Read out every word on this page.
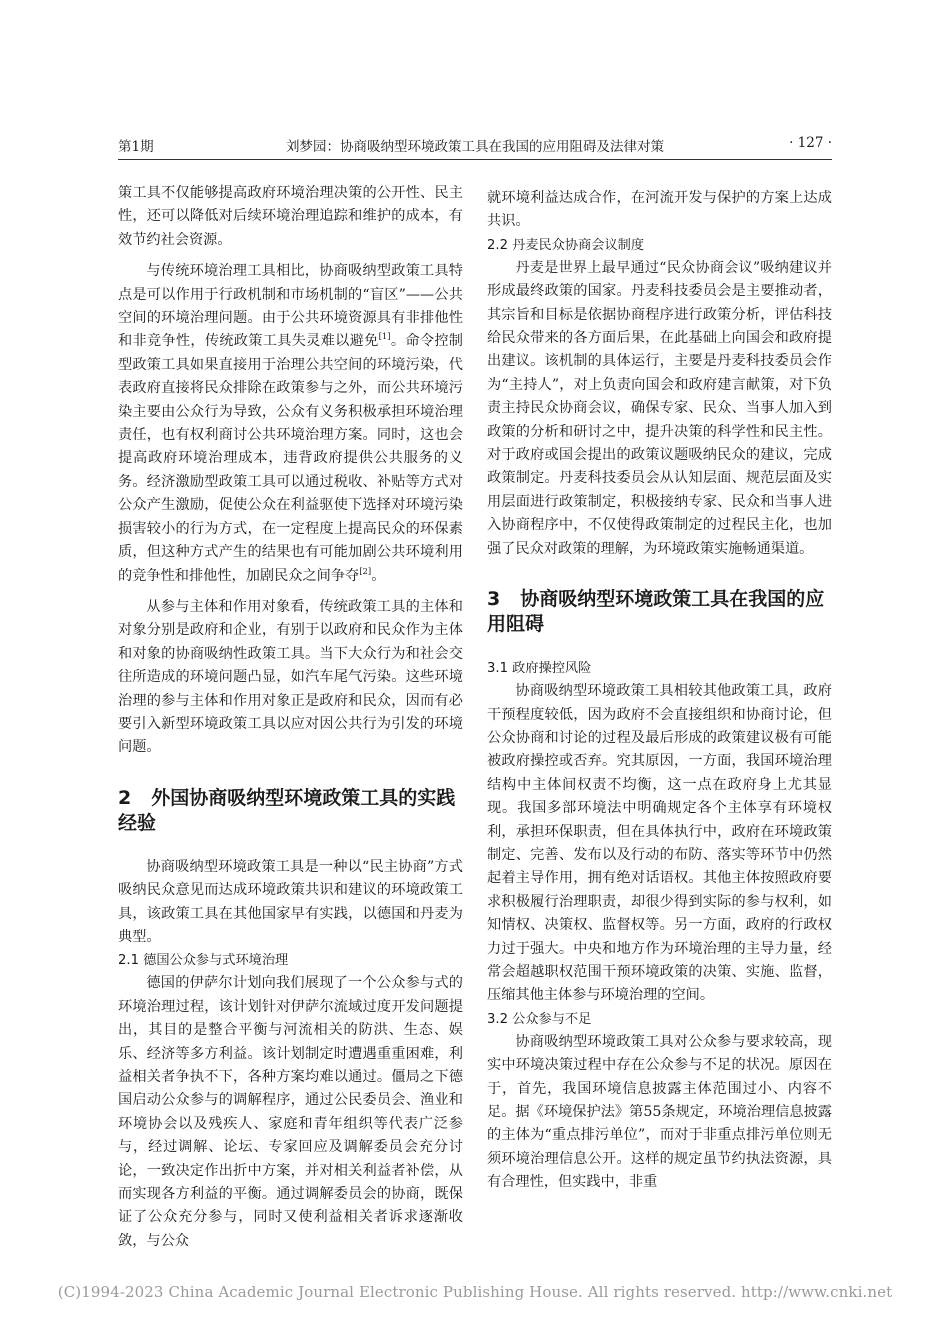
第1期	刘梦园：协商吸纳型环境政策工具在我国的应用阻碍及法律对策	· 127 ·

策工具不仅能够提高政府环境治理决策的公开性、民主性，还可以降低对后续环境治理追踪和维护的成本，有效节约社会资源。

与传统环境治理工具相比，协商吸纳型政策工具特点是可以作用于行政机制和市场机制的“盲区”——公共空间的环境治理问题。由于公共环境资源具有非排他性和非竞争性，传统政策工具失灵难以避免[1]。命令控制型政策工具如果直接用于治理公共空间的环境污染，代表政府直接将民众排除在政策参与之外，而公共环境污染主要由公众行为导致，公众有义务积极承担环境治理责任，也有权利商讨公共环境治理方案。同时，这也会提高政府环境治理成本，违背政府提供公共服务的义务。经济激励型政策工具可以通过税收、补贴等方式对公众产生激励，促使公众在利益驱使下选择对环境污染损害较小的行为方式，在一定程度上提高民众的环保素质，但这种方式产生的结果也有可能加剧公共环境利用的竞争性和排他性，加剧民众之间争夺[2]。

从参与主体和作用对象看，传统政策工具的主体和对象分别是政府和企业，有别于以政府和民众作为主体和对象的协商吸纳性政策工具。当下大众行为和社会交往所造成的环境问题凸显，如汽车尾气污染。这些环境治理的参与主体和作用对象正是政府和民众，因而有必要引入新型环境政策工具以应对因公共行为引发的环境问题。

2 外国协商吸纳型环境政策工具的实践经验

协商吸纳型环境政策工具是一种以“民主协商”方式吸纳民众意见而达成环境政策共识和建议的环境政策工具，该政策工具在其他国家早有实践，以德国和丹麦为典型。

2.1 德国公众参与式环境治理

德国的伊萨尔计划向我们展现了一个公众参与式的环境治理过程，该计划针对伊萨尔流域过度开发问题提出，其目的是整合平衡与河流相关的防洪、生态、娱乐、经济等多方利益。该计划制定时遭遇重重困难，利益相关者争执不下，各种方案均难以通过。僵局之下德国启动公众参与的调解程序，通过公民委员会、渔业和环境协会以及残疾人、家庭和青年组织等代表广泛参与，经过调解、论坛、专家回应及调解委员会充分讨论，一致决定作出折中方案，并对相关利益者补偿，从而实现各方利益的平衡。通过调解委员会的协商，既保证了公众充分参与，同时又使利益相关者诉求逐渐收敛，与公众

就环境利益达成合作，在河流开发与保护的方案上达成共识。

2.2 丹麦民众协商会议制度

丹麦是世界上最早通过“民众协商会议”吸纳建议并形成最终政策的国家。丹麦科技委员会是主要推动者，其宗旨和目标是依据协商程序进行政策分析，评估科技给民众带来的各方面后果，在此基础上向国会和政府提出建议。该机制的具体运行，主要是丹麦科技委员会作为“主持人”，对上负责向国会和政府建言献策，对下负责主持民众协商会议，确保专家、民众、当事人加入到政策的分析和研讨之中，提升决策的科学性和民主性。对于政府或国会提出的政策议题吸纳民众的建议，完成政策制定。丹麦科技委员会从认知层面、规范层面及实用层面进行政策制定，积极接纳专家、民众和当事人进入协商程序中，不仅使得政策制定的过程民主化，也加强了民众对政策的理解，为环境政策实施畅通渠道。

3 协商吸纳型环境政策工具在我国的应用阻碍
3.1 政府操控风险

协商吸纳型环境政策工具相较其他政策工具，政府干预程度较低，因为政府不会直接组织和协商讨论，但公众协商和讨论的过程及最后形成的政策建议极有可能被政府操控或否弃。究其原因，一方面，我国环境治理结构中主体间权责不均衡，这一点在政府身上尤其显现。我国多部环境法中明确规定各个主体享有环境权利，承担环保职责，但在具体执行中，政府在环境政策制定、完善、发布以及行动的布防、落实等环节中仍然起着主导作用，拥有绝对话语权。其他主体按照政府要求积极履行治理职责，却很少得到实际的参与权利，如知情权、决策权、监督权等。另一方面，政府的行政权力过于强大。中央和地方作为环境治理的主导力量，经常会超越职权范围干预环境政策的决策、实施、监督，压缩其他主体参与环境治理的空间。

3.2 公众参与不足

协商吸纳型环境政策工具对公众参与要求较高，现实中环境决策过程中存在公众参与不足的状况。原因在于，首先，我国环境信息披露主体范围过小、内容不足。据《环境保护法》第55条规定，环境治理信息披露的主体为“重点排污单位”，而对于非重点排污单位则无须环境治理信息公开。这样的规定虽节约执法资源，具有合理性，但实践中，非重

(C)1994-2023 China Academic Journal Electronic Publishing House. All rights reserved. http://www.cnki.net
